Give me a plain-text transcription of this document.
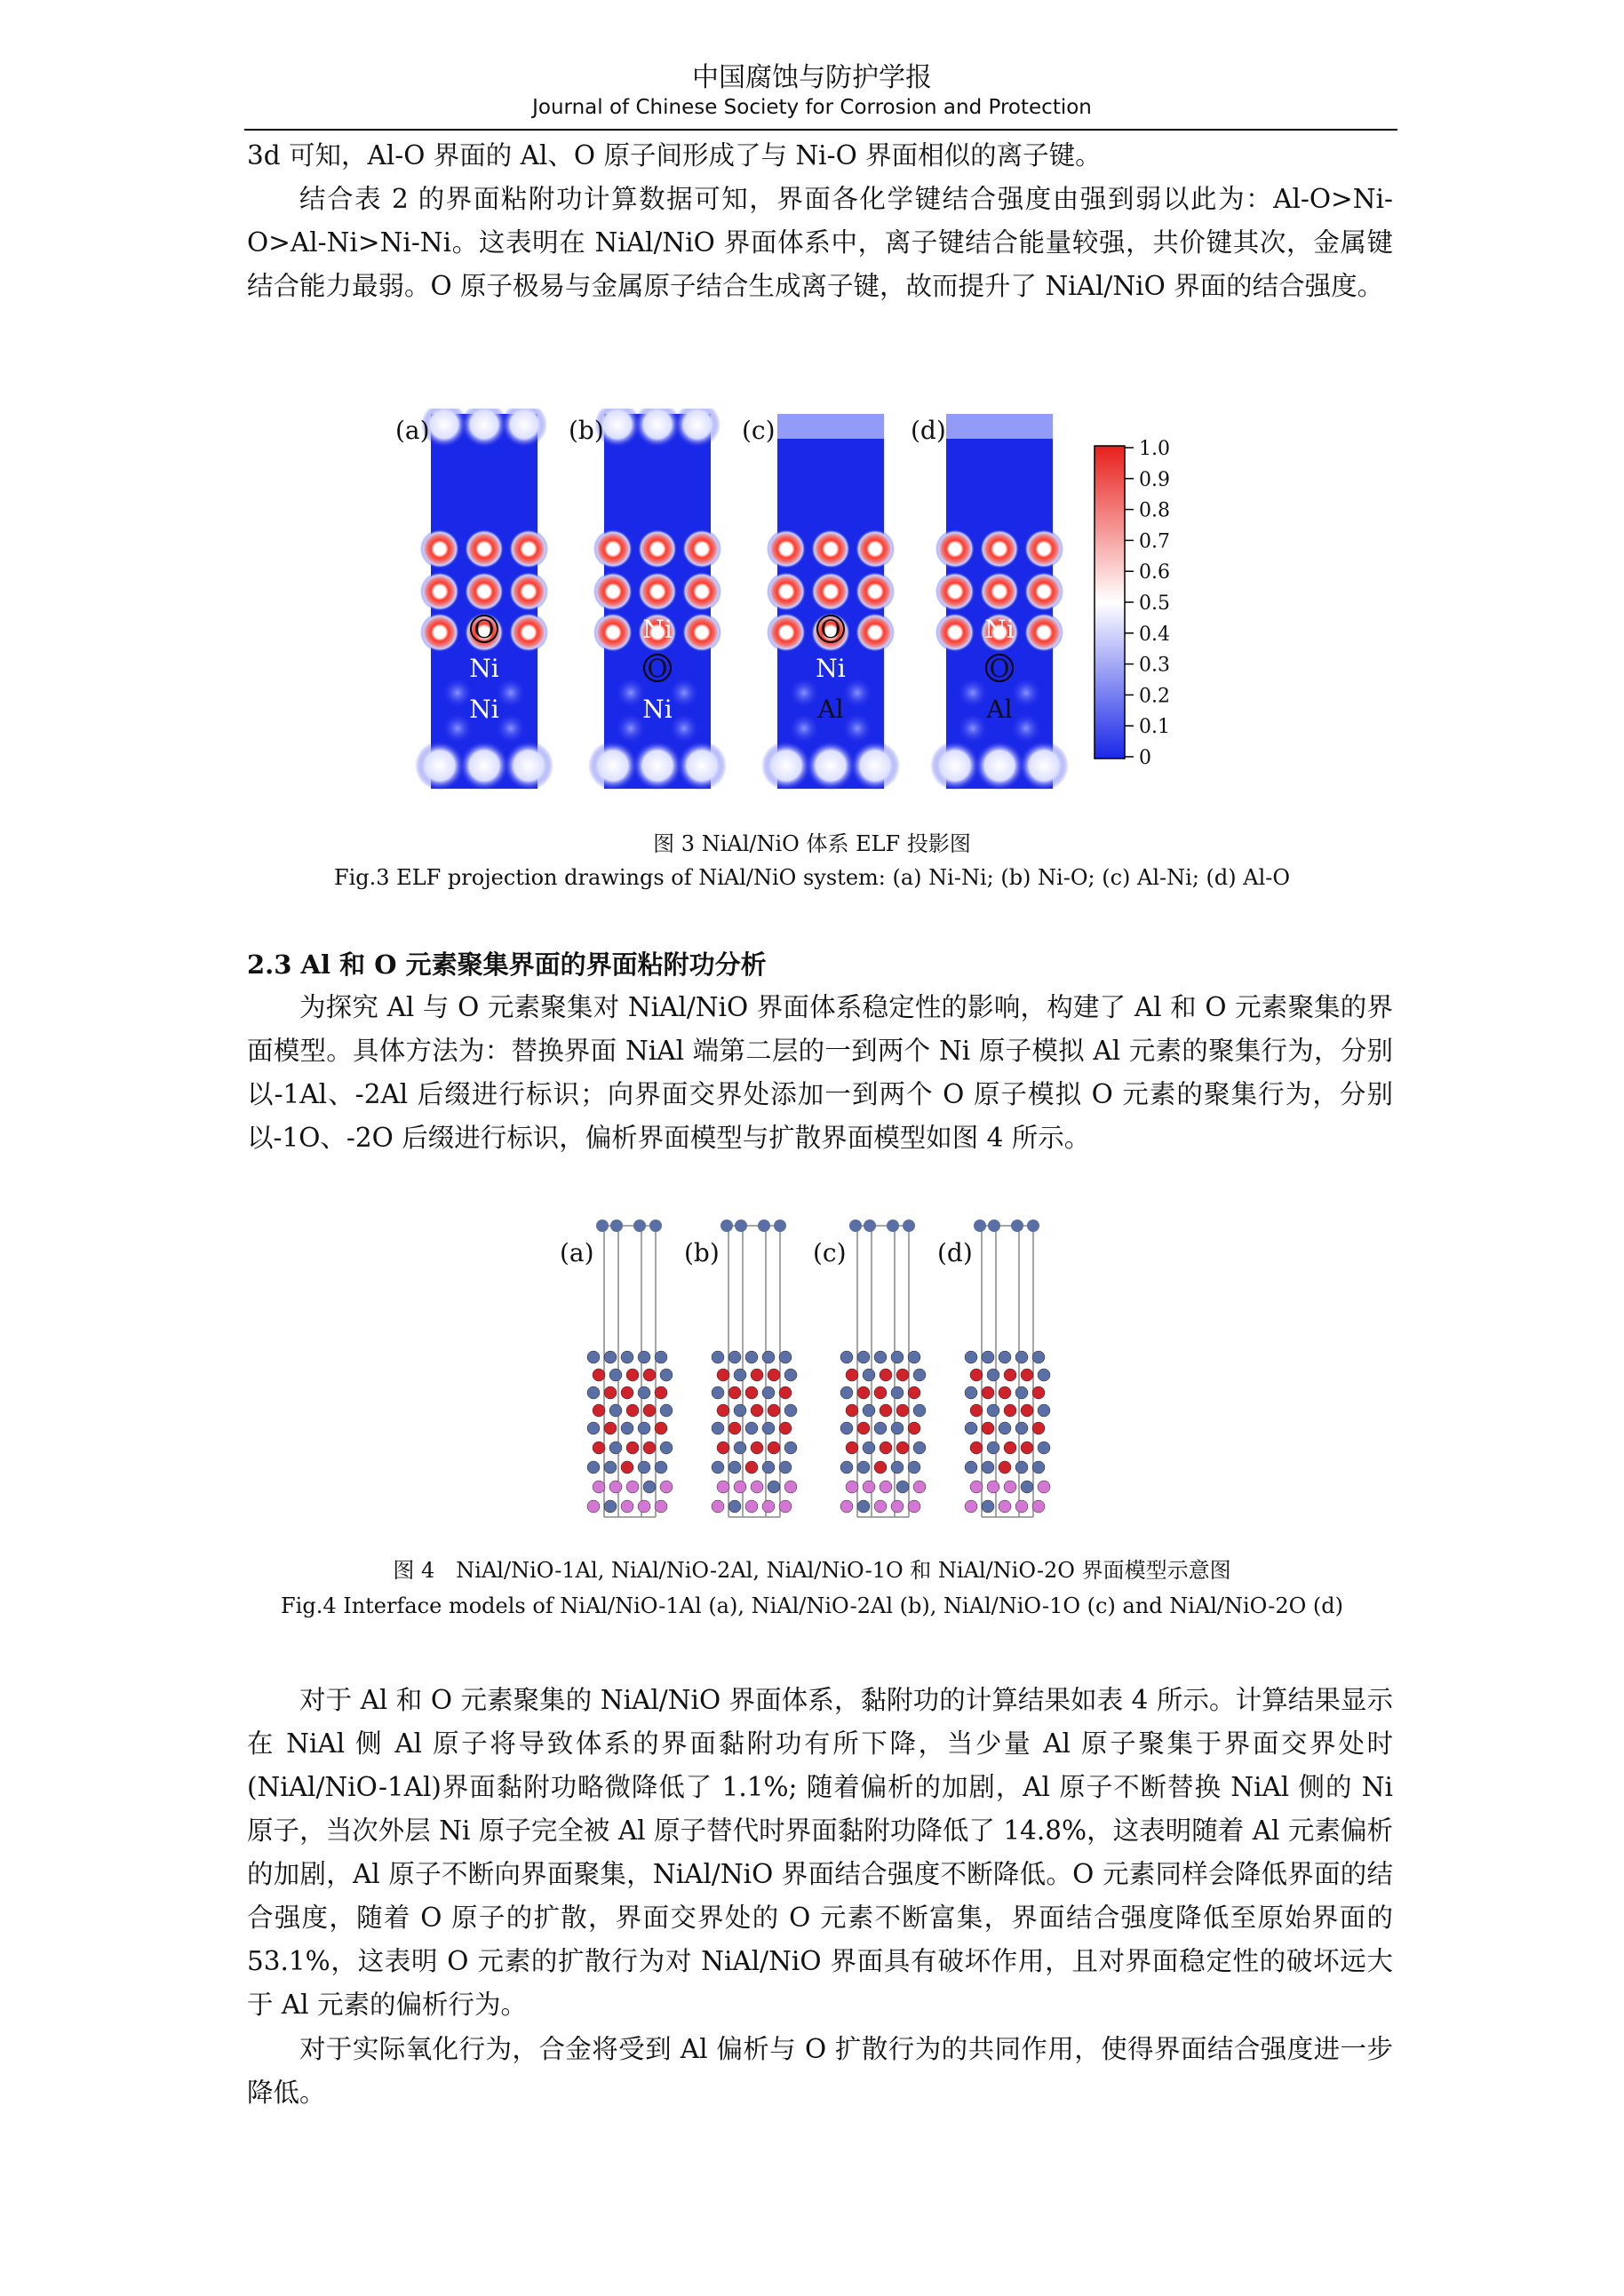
中国腐蚀与防护学报
Journal of Chinese Society for Corrosion and Protection
3d 可知，Al-O 界面的 Al、O 原子间形成了与 Ni-O 界面相似的离子键。
结合表 2 的界面粘附功计算数据可知，界面各化学键结合强度由强到弱以此为：Al-O>Ni-O>Al-Ni>Ni-Ni。这表明在 NiAl/NiO 界面体系中，离子键结合能量较强，共价键其次，金属键结合能力最弱。O 原子极易与金属原子结合生成离子键，故而提升了 NiAl/NiO 界面的结合强度。
(a)
O
Ni
Ni
(b)
Ni
O
Ni
(c)
O
Ni
Al
(d)
Ni
O
Al
1.0
0.9
0.8
0.7
0.6
0.5
0.4
0.3
0.2
0.1
0
图 3 NiAl/NiO 体系 ELF 投影图
Fig.3 ELF projection drawings of NiAl/NiO system: (a) Ni-Ni; (b) Ni-O; (c) Al-Ni; (d) Al-O
2.3 Al 和 O 元素聚集界面的界面粘附功分析
为探究 Al 与 O 元素聚集对 NiAl/NiO 界面体系稳定性的影响，构建了 Al 和 O 元素聚集的界面模型。具体方法为：替换界面 NiAl 端第二层的一到两个 Ni 原子模拟 Al 元素的聚集行为，分别以-1Al、-2Al 后缀进行标识；向界面交界处添加一到两个 O 原子模拟 O 元素的聚集行为，分别以-1O、-2O 后缀进行标识，偏析界面模型与扩散界面模型如图 4 所示。
(a)	(b)	(c)	(d)
图 4　NiAl/NiO-1Al, NiAl/NiO-2Al, NiAl/NiO-1O 和 NiAl/NiO-2O 界面模型示意图
Fig.4 Interface models of NiAl/NiO-1Al (a), NiAl/NiO-2Al (b), NiAl/NiO-1O (c) and NiAl/NiO-2O (d)
对于 Al 和 O 元素聚集的 NiAl/NiO 界面体系，黏附功的计算结果如表 4 所示。计算结果显示在 NiAl 侧 Al 原子将导致体系的界面黏附功有所下降，当少量 Al 原子聚集于界面交界处时(NiAl/NiO-1Al)界面黏附功略微降低了 1.1%; 随着偏析的加剧，Al 原子不断替换 NiAl 侧的 Ni 原子，当次外层 Ni 原子完全被 Al 原子替代时界面黏附功降低了 14.8%，这表明随着 Al 元素偏析的加剧，Al 原子不断向界面聚集，NiAl/NiO 界面结合强度不断降低。O 元素同样会降低界面的结合强度，随着 O 原子的扩散，界面交界处的 O 元素不断富集，界面结合强度降低至原始界面的 53.1%，这表明 O 元素的扩散行为对 NiAl/NiO 界面具有破坏作用，且对界面稳定性的破坏远大于 Al 元素的偏析行为。
对于实际氧化行为，合金将受到 Al 偏析与 O 扩散行为的共同作用，使得界面结合强度进一步降低。
